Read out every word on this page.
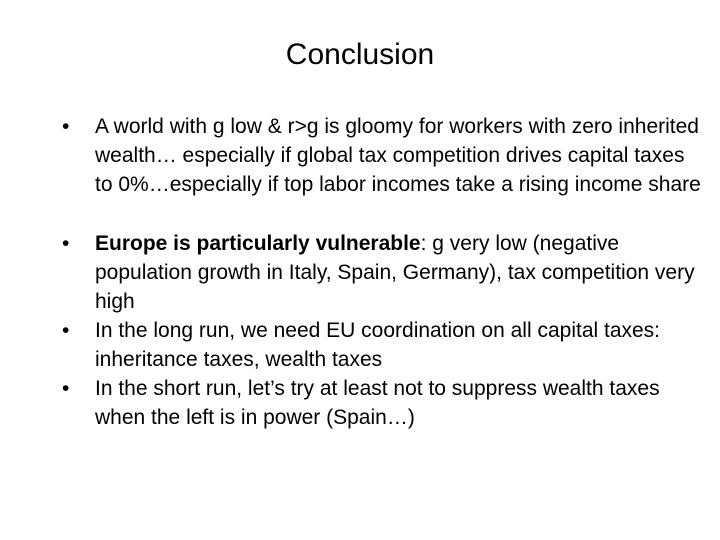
Conclusion
•	A world with g low & r>g is gloomy for workers with zero inherited wealth… especially if global tax competition drives capital taxes to 0%…especially if top labor incomes take a rising income share
•	Europe is particularly vulnerable: g very low (negative population growth in Italy, Spain, Germany), tax competition very high
•	In the long run, we need EU coordination on all capital taxes: inheritance taxes, wealth taxes
•	In the short run, let’s try at least not to suppress wealth taxes when the left is in power (Spain…)
